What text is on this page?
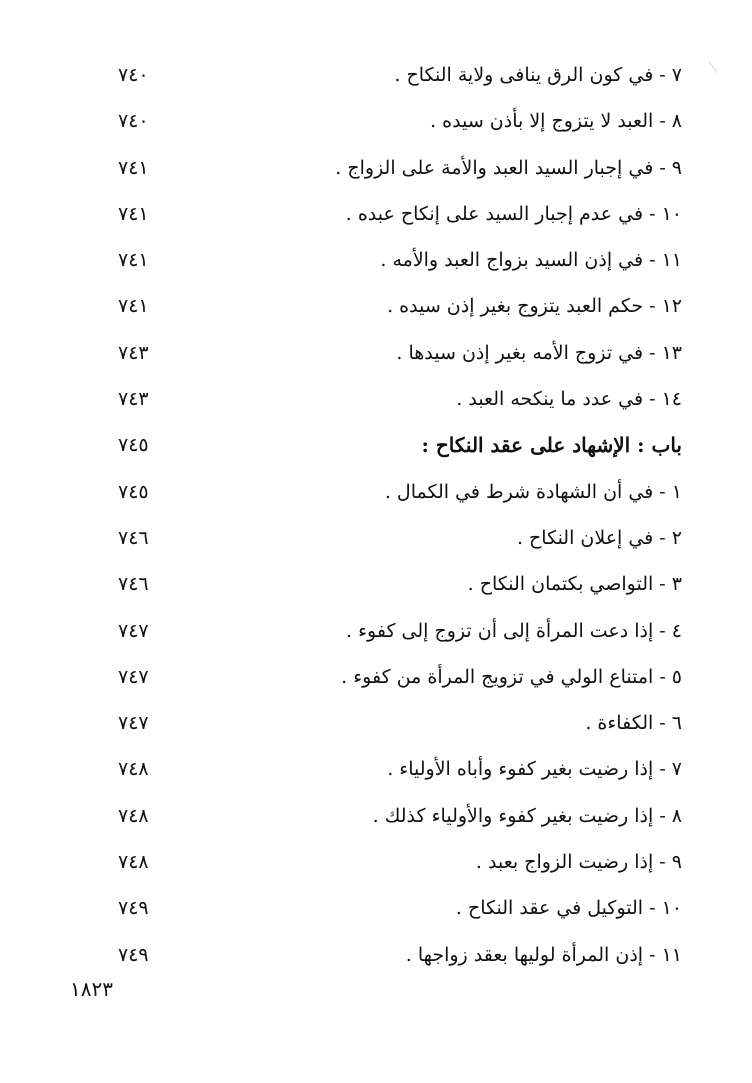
٧ - في كون الرق ينافى ولاية النكاح .
٧٤٠
٨ - العبد لا يتزوج إلا بأذن سيده .
٧٤٠
٩ - في إجبار السيد العبد والأمة على الزواج .
٧٤١
١٠ - في عدم إجبار السيد على إنكاح عبده .
٧٤١
١١ - في إذن السيد بزواج العبد والأمه .
٧٤١
١٢ - حكم العبد يتزوج بغير إذن سيده .
٧٤١
١٣ - في تزوج الأمه بغير إذن سيدها .
٧٤٣
١٤ - في عدد ما ينكحه العبد .
٧٤٣
باب : الإشهاد على عقد النكاح :
٧٤٥
١ - في أن الشهادة شرط في الكمال .
٧٤٥
٢ - في إعلان النكاح .
٧٤٦
٣ - التواصي بكتمان النكاح .
٧٤٦
٤ - إذا دعت المرأة إلى أن تزوج إلى كفوء .
٧٤٧
٥ - امتناع الولي في تزويج المرأة من كفوء .
٧٤٧
٦ - الكفاءة .
٧٤٧
٧ - إذا رضيت بغير كفوء وأباه الأولياء .
٧٤٨
٨ - إذا رضيت بغير كفوء والأولياء كذلك .
٧٤٨
٩ - إذا رضيت الزواج بعبد .
٧٤٨
١٠ - التوكيل في عقد النكاح .
٧٤٩
١١ - إذن المرأة لوليها بعقد زواجها .
٧٤٩
١٨٢٣
